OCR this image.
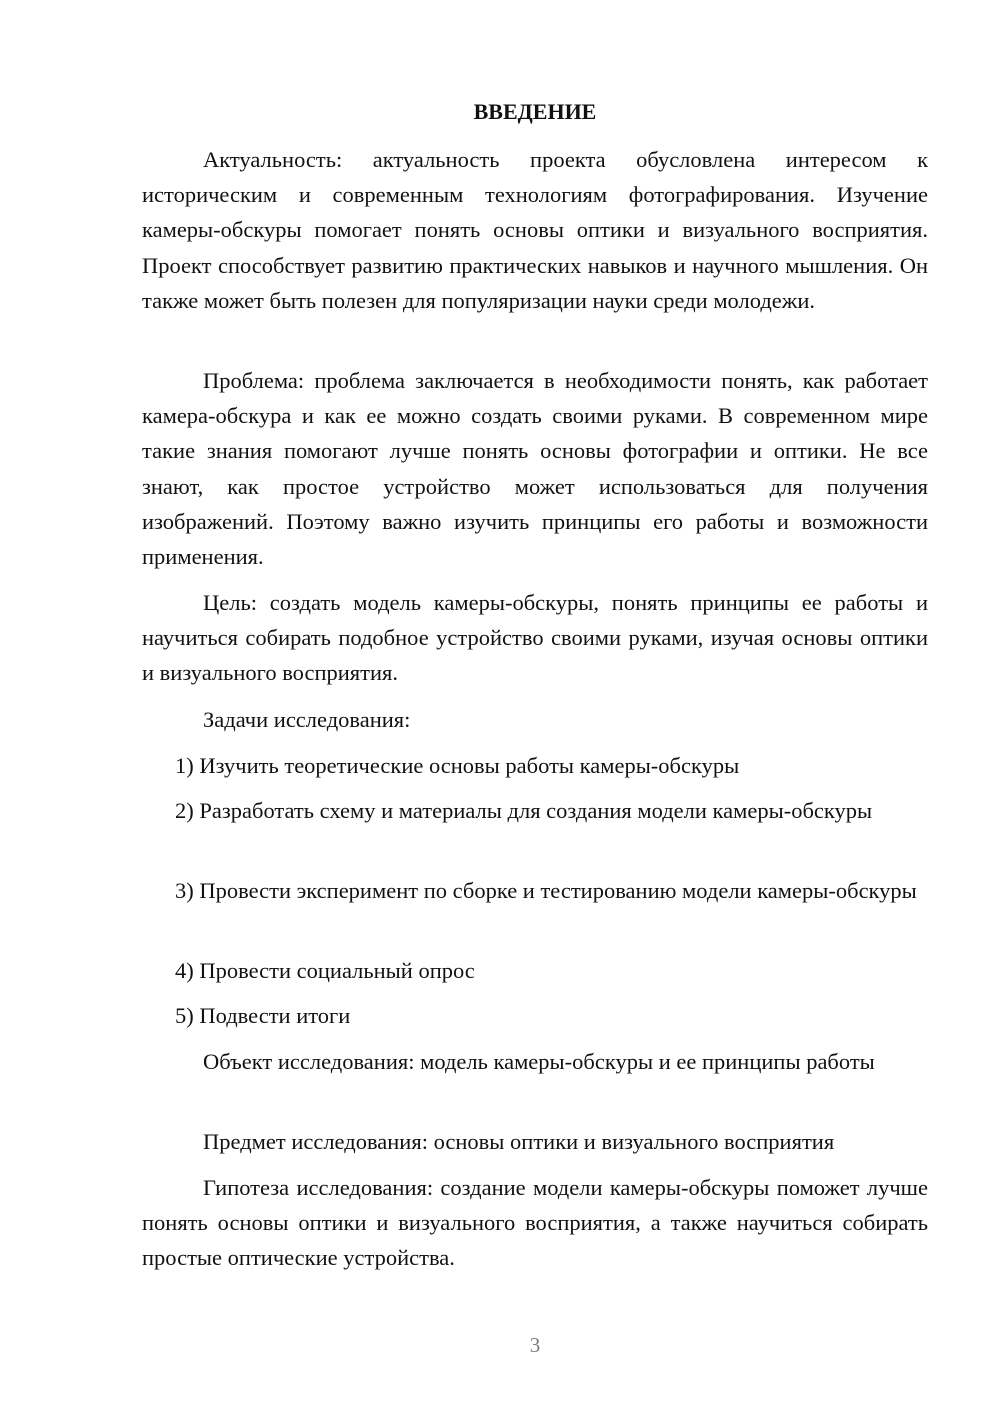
ВВЕДЕНИЕ

Актуальность: актуальность проекта обусловлена интересом к историческим и современным технологиям фотографирования. Изучение камеры-обскуры помогает понять основы оптики и визуального восприятия. Проект способствует развитию практических навыков и научного мышления. Он также может быть полезен для популяризации науки среди молодежи.

Проблема: проблема заключается в необходимости понять, как работает камера-обскура и как ее можно создать своими руками. В современном мире такие знания помогают лучше понять основы фотографии и оптики. Не все знают, как простое устройство может использоваться для получения изображений. Поэтому важно изучить принципы его работы и возможности применения.

Цель: создать модель камеры-обскуры, понять принципы ее работы и научиться собирать подобное устройство своими руками, изучая основы оптики и визуального восприятия.

Задачи исследования:

1) Изучить теоретические основы работы камеры-обскуры

2) Разработать схему и материалы для создания модели камеры-обскуры

3) Провести эксперимент по сборке и тестированию модели камеры-обскуры

4) Провести социальный опрос

5) Подвести итоги

Объект исследования: модель камеры-обскуры и ее принципы работы

Предмет исследования: основы оптики и визуального восприятия

Гипотеза исследования: создание модели камеры-обскуры поможет лучше понять основы оптики и визуального восприятия, а также научиться собирать простые оптические устройства.

3
